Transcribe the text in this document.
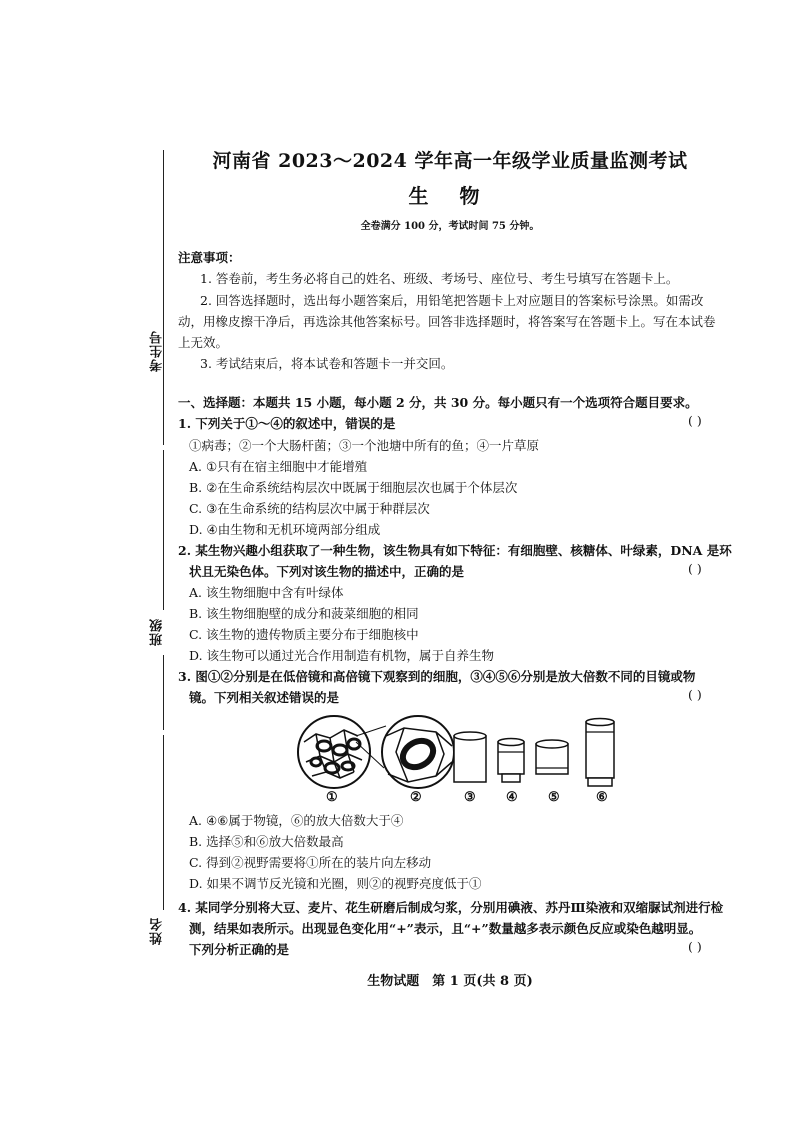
考生号
班级
姓名
河南省 2023～2024 学年高一年级学业质量监测考试
生 物
全卷满分 100 分，考试时间 75 分钟。
注意事项：
1. 答卷前，考生务必将自己的姓名、班级、考场号、座位号、考生号填写在答题卡上。
2. 回答选择题时，选出每小题答案后，用铅笔把答题卡上对应题目的答案标号涂黑。如需改
动，用橡皮擦干净后，再选涂其他答案标号。回答非选择题时，将答案写在答题卡上。写在本试卷
上无效。
3. 考试结束后，将本试卷和答题卡一并交回。
一、选择题：本题共 15 小题，每小题 2 分，共 30 分。每小题只有一个选项符合题目要求。
1. 下列关于①～④的叙述中，错误的是	( )
①病毒；②一个大肠杆菌；③一个池塘中所有的鱼；④一片草原
A. ①只有在宿主细胞中才能增殖
B. ②在生命系统结构层次中既属于细胞层次也属于个体层次
C. ③在生命系统的结构层次中属于种群层次
D. ④由生物和无机环境两部分组成
2. 某生物兴趣小组获取了一种生物，该生物具有如下特征：有细胞壁、核糖体、叶绿素，DNA 是环
状且无染色体。下列对该生物的描述中，正确的是	( )
A. 该生物细胞中含有叶绿体
B. 该生物细胞壁的成分和菠菜细胞的相同
C. 该生物的遗传物质主要分布于细胞核中
D. 该生物可以通过光合作用制造有机物，属于自养生物
3. 图①②分别是在低倍镜和高倍镜下观察到的细胞，③④⑤⑥分别是放大倍数不同的目镜或物
镜。下列相关叙述错误的是	( )
①	②	③ ④ ⑤	⑥
A. ④⑥属于物镜，⑥的放大倍数大于④
B. 选择⑤和⑥放大倍数最高
C. 得到②视野需要将①所在的装片向左移动
D. 如果不调节反光镜和光圈，则②的视野亮度低于①
4. 某同学分别将大豆、麦片、花生研磨后制成匀浆，分别用碘液、苏丹Ⅲ染液和双缩脲试剂进行检
测，结果如表所示。出现显色变化用“+”表示，且“+”数量越多表示颜色反应或染色越明显。
下列分析正确的是	( )
生物试题　第 1 页(共 8 页)
